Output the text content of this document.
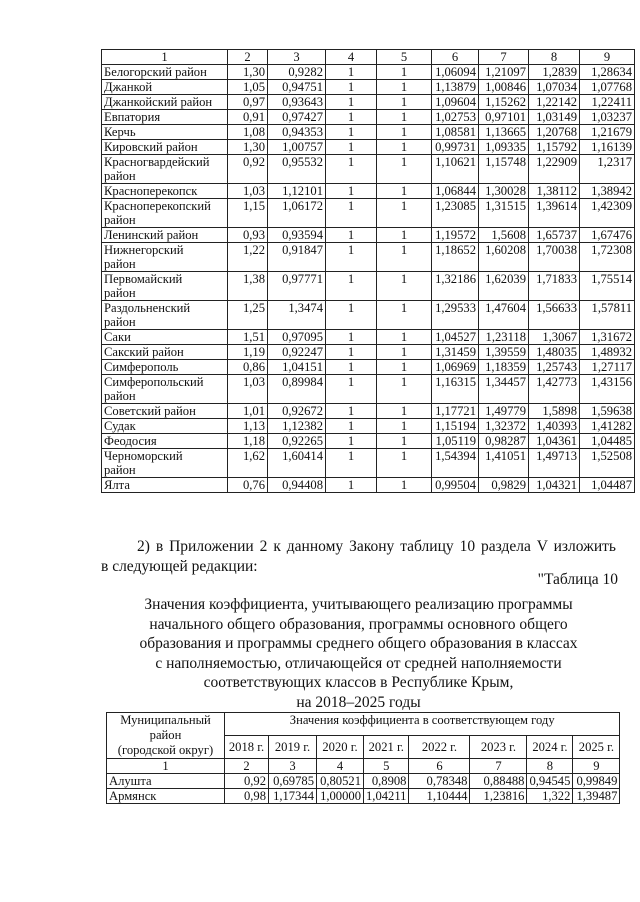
1	2	3	4	5	6	7	8	9

Белогорский район	1,30	0,9282	1	1	1,06094	1,21097	1,2839	1,28634

Джанкой	1,05	0,94751	1	1	1,13879	1,00846	1,07034	1,07768

Джанкойский район	0,97	0,93643	1	1	1,09604	1,15262	1,22142	1,22411

Евпатория	0,91	0,97427	1	1	1,02753	0,97101	1,03149	1,03237

Керчь	1,08	0,94353	1	1	1,08581	1,13665	1,20768	1,21679

Кировский район	1,30	1,00757	1	1	0,99731	1,09335	1,15792	1,16139

Красногвардейский
район	0,92	0,95532	1	1	1,10621	1,15748	1,22909	1,2317

Красноперекопск	1,03	1,12101	1	1	1,06844	1,30028	1,38112	1,38942

Красноперекопский
район	1,15	1,06172	1	1	1,23085	1,31515	1,39614	1,42309

Ленинский район	0,93	0,93594	1	1	1,19572	1,5608	1,65737	1,67476

Нижнегорский
район	1,22	0,91847	1	1	1,18652	1,60208	1,70038	1,72308

Первомайский
район	1,38	0,97771	1	1	1,32186	1,62039	1,71833	1,75514

Раздольненский
район	1,25	1,3474	1	1	1,29533	1,47604	1,56633	1,57811

Саки	1,51	0,97095	1	1	1,04527	1,23118	1,3067	1,31672

Сакский район	1,19	0,92247	1	1	1,31459	1,39559	1,48035	1,48932

Симферополь	0,86	1,04151	1	1	1,06969	1,18359	1,25743	1,27117

Симферопольский
район	1,03	0,89984	1	1	1,16315	1,34457	1,42773	1,43156

Советский район	1,01	0,92672	1	1	1,17721	1,49779	1,5898	1,59638

Судак	1,13	1,12382	1	1	1,15194	1,32372	1,40393	1,41282

Феодосия	1,18	0,92265	1	1	1,05119	0,98287	1,04361	1,04485

Черноморский
район	1,62	1,60414	1	1	1,54394	1,41051	1,49713	1,52508

Ялта	0,76	0,94408	1	1	0,99504	0,9829	1,04321	1,04487
2) в Приложении 2 к данному Закону таблицу 10 раздела V изложить
в следующей редакции:
"Таблица 10
Значения коэффициента, учитывающего реализацию программы
начального общего образования, программы основного общего
образования и программы среднего общего образования в классах
с наполняемостью, отличающейся от средней наполняемости
соответствующих классов в Республике Крым,
на 2018–2025 годы
Муниципальный
район
(городской округ)	Значения коэффициента в соответствующем году							
	2018 г.	2019 г.	2020 г.	2021 г.	2022 г.	2023 г.	2024 г.	2025 г.
1	2	3	4	5	6	7	8	9
Алушта	0,92	0,69785	0,80521	0,8908	0,78348	0,88488	0,94545	0,99849
Армянск	0,98	1,17344	1,00000	1,04211	1,10444	1,23816	1,322	1,39487
